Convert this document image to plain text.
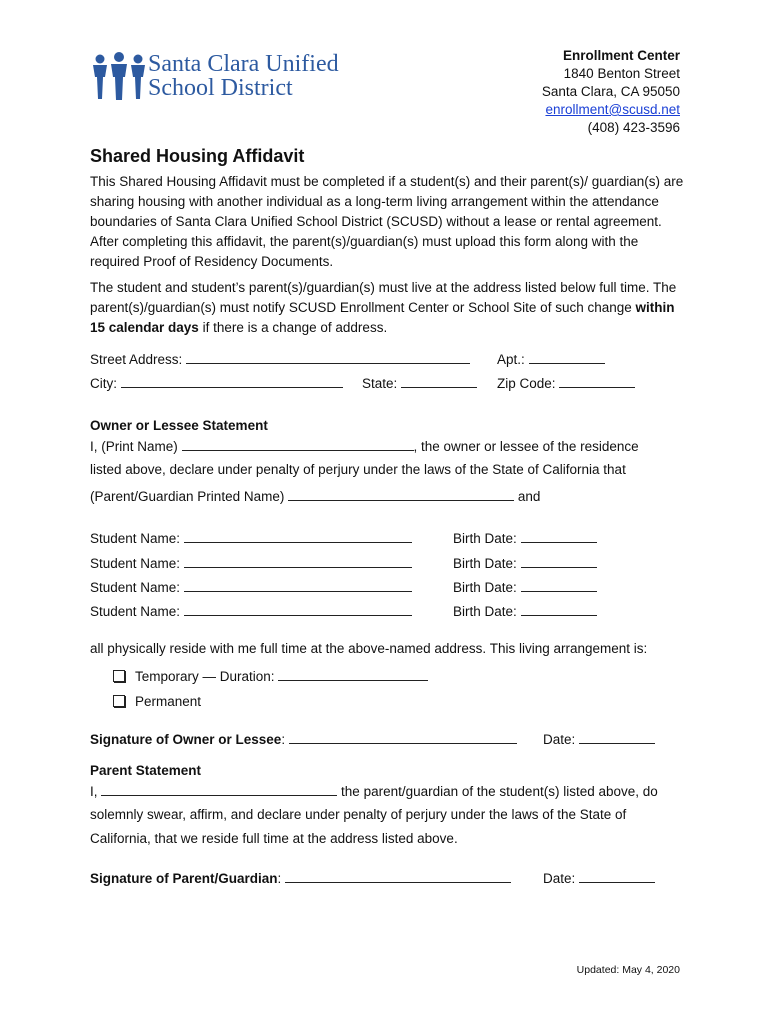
Santa Clara Unified
School District
Enrollment Center
1840 Benton Street
Santa Clara, CA 95050
enrollment@scusd.net
(408) 423-3596
Shared Housing Affidavit
This Shared Housing Affidavit must be completed if a student(s) and their parent(s)/ guardian(s) are sharing housing with another individual as a long-term living arrangement within the attendance boundaries of Santa Clara Unified School District (SCUSD) without a lease or rental agreement. After completing this affidavit, the parent(s)/guardian(s) must upload this form along with the required Proof of Residency Documents.
The student and student’s parent(s)/guardian(s) must live at the address listed below full time. The parent(s)/guardian(s) must notify SCUSD Enrollment Center or School Site of such change within 15 calendar days if there is a change of address.
Street Address:	Apt.:
City:	State:	Zip Code:
Owner or Lessee Statement
I, (Print Name)	, the owner or lessee of the residence
listed above, declare under penalty of perjury under the laws of the State of California that
(Parent/Guardian Printed Name)	and
Student Name:	Birth Date:
Student Name:	Birth Date:
Student Name:	Birth Date:
Student Name:	Birth Date:
all physically reside with me full time at the above-named address. This living arrangement is:
Temporary — Duration:
Permanent
Signature of Owner or Lessee:	Date:
Parent Statement
I,	the parent/guardian of the student(s) listed above, do
solemnly swear, affirm, and declare under penalty of perjury under the laws of the State of
California, that we reside full time at the address listed above.
Signature of Parent/Guardian:	Date:
Updated: May 4, 2020
